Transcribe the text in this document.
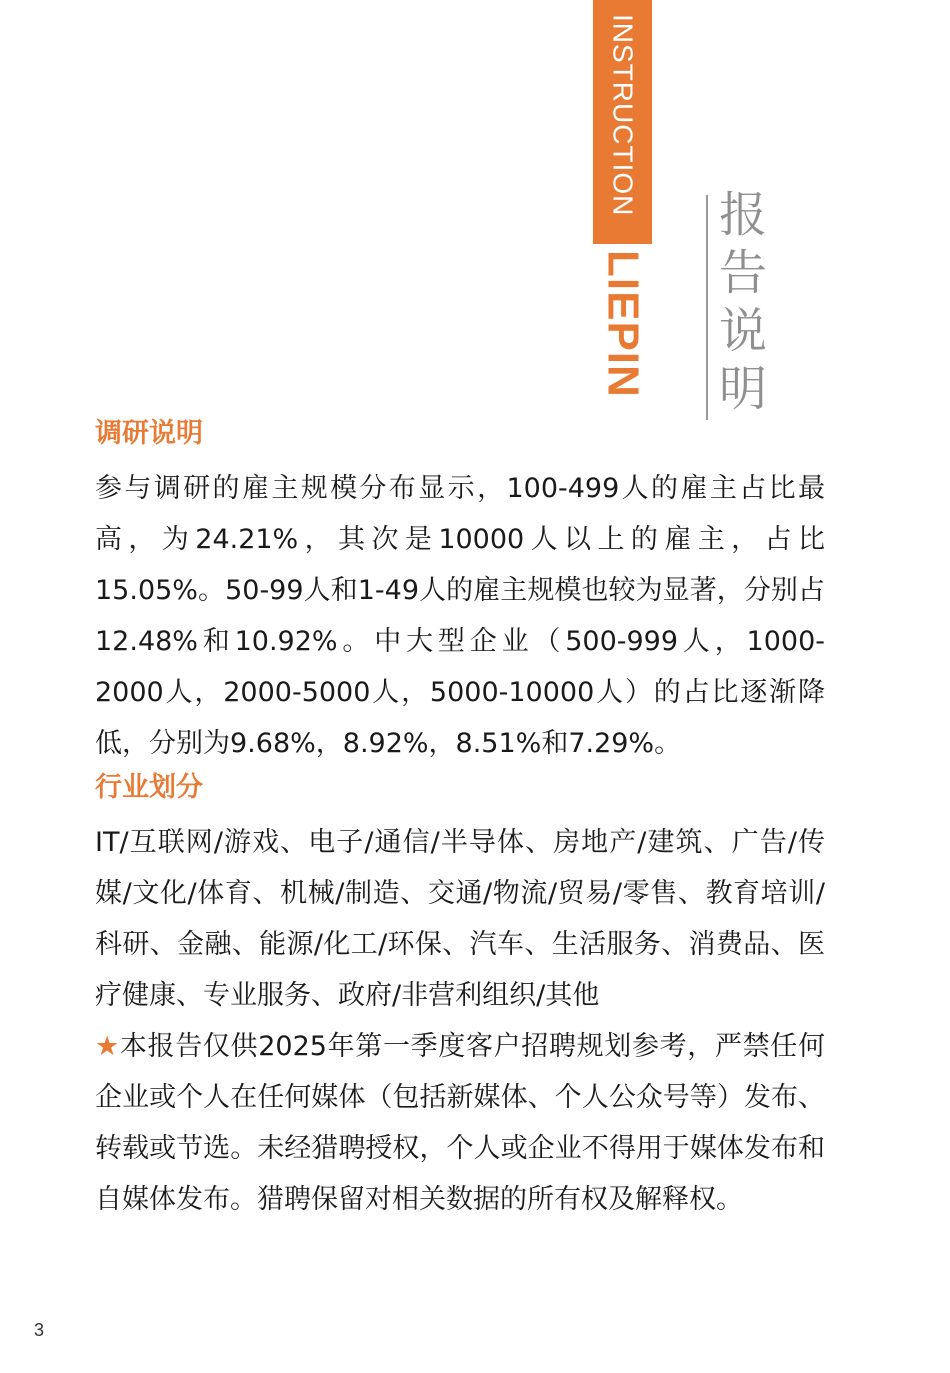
INSTRUCTION
LIEPIN
报
告
说
明
调研说明

参与调研的雇主规模分布显示，100-499人的雇主占比最高，为24.21%，其次是10000人以上的雇主，占比15.05%。50-99人和1-49人的雇主规模也较为显著，分别占12.48%和10.92%。中大型企业（500-999人，1000-2000人，2000-5000人，5000-10000人）的占比逐渐降低，分别为9.68%，8.92%，8.51%和7.29%。

行业划分

IT/互联网/游戏、电子/通信/半导体、房地产/建筑、广告/传媒/文化/体育、机械/制造、交通/物流/贸易/零售、教育培训/科研、金融、能源/化工/环保、汽车、生活服务、消费品、医疗健康、专业服务、政府/非营利组织/其他

★本报告仅供2025年第一季度客户招聘规划参考，严禁任何企业或个人在任何媒体（包括新媒体、个人公众号等）发布、转载或节选。未经猎聘授权，个人或企业不得用于媒体发布和自媒体发布。猎聘保留对相关数据的所有权及解释权。

3
